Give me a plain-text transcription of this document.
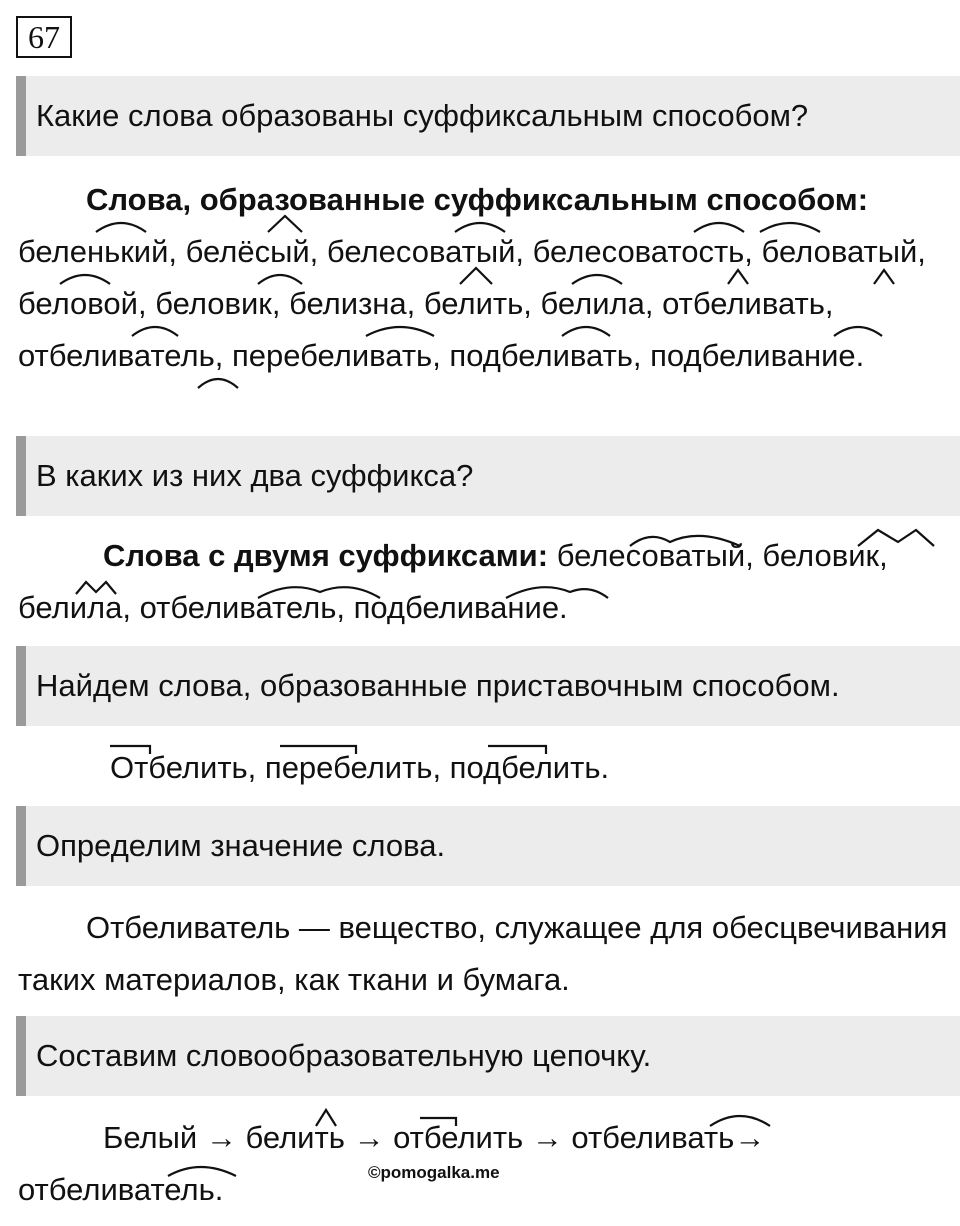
67
Какие слова образованы суффиксальным способом?

Слова, образованные суффиксальным способом: беленький, белёсый, белесоватый, белесоватость, беловатый, беловой, беловик, белизна, белить, белила, отбеливать, отбеливатель, перебеливать, подбеливать, подбеливание.

В каких из них два суффикса?

Слова с двумя суффиксами: белесоватый, беловик, белила, отбеливатель, подбеливание.

Найдем слова, образованные приставочным способом.

Отбелить, перебелить, подбелить.

Определим значение слова.

Отбеливатель — вещество, служащее для обесцвечивания таких материалов, как ткани и бумага.

Составим словообразовательную цепочку.

Белый → белить → отбелить → отбеливать→ отбеливатель.	©pomogalka.me
